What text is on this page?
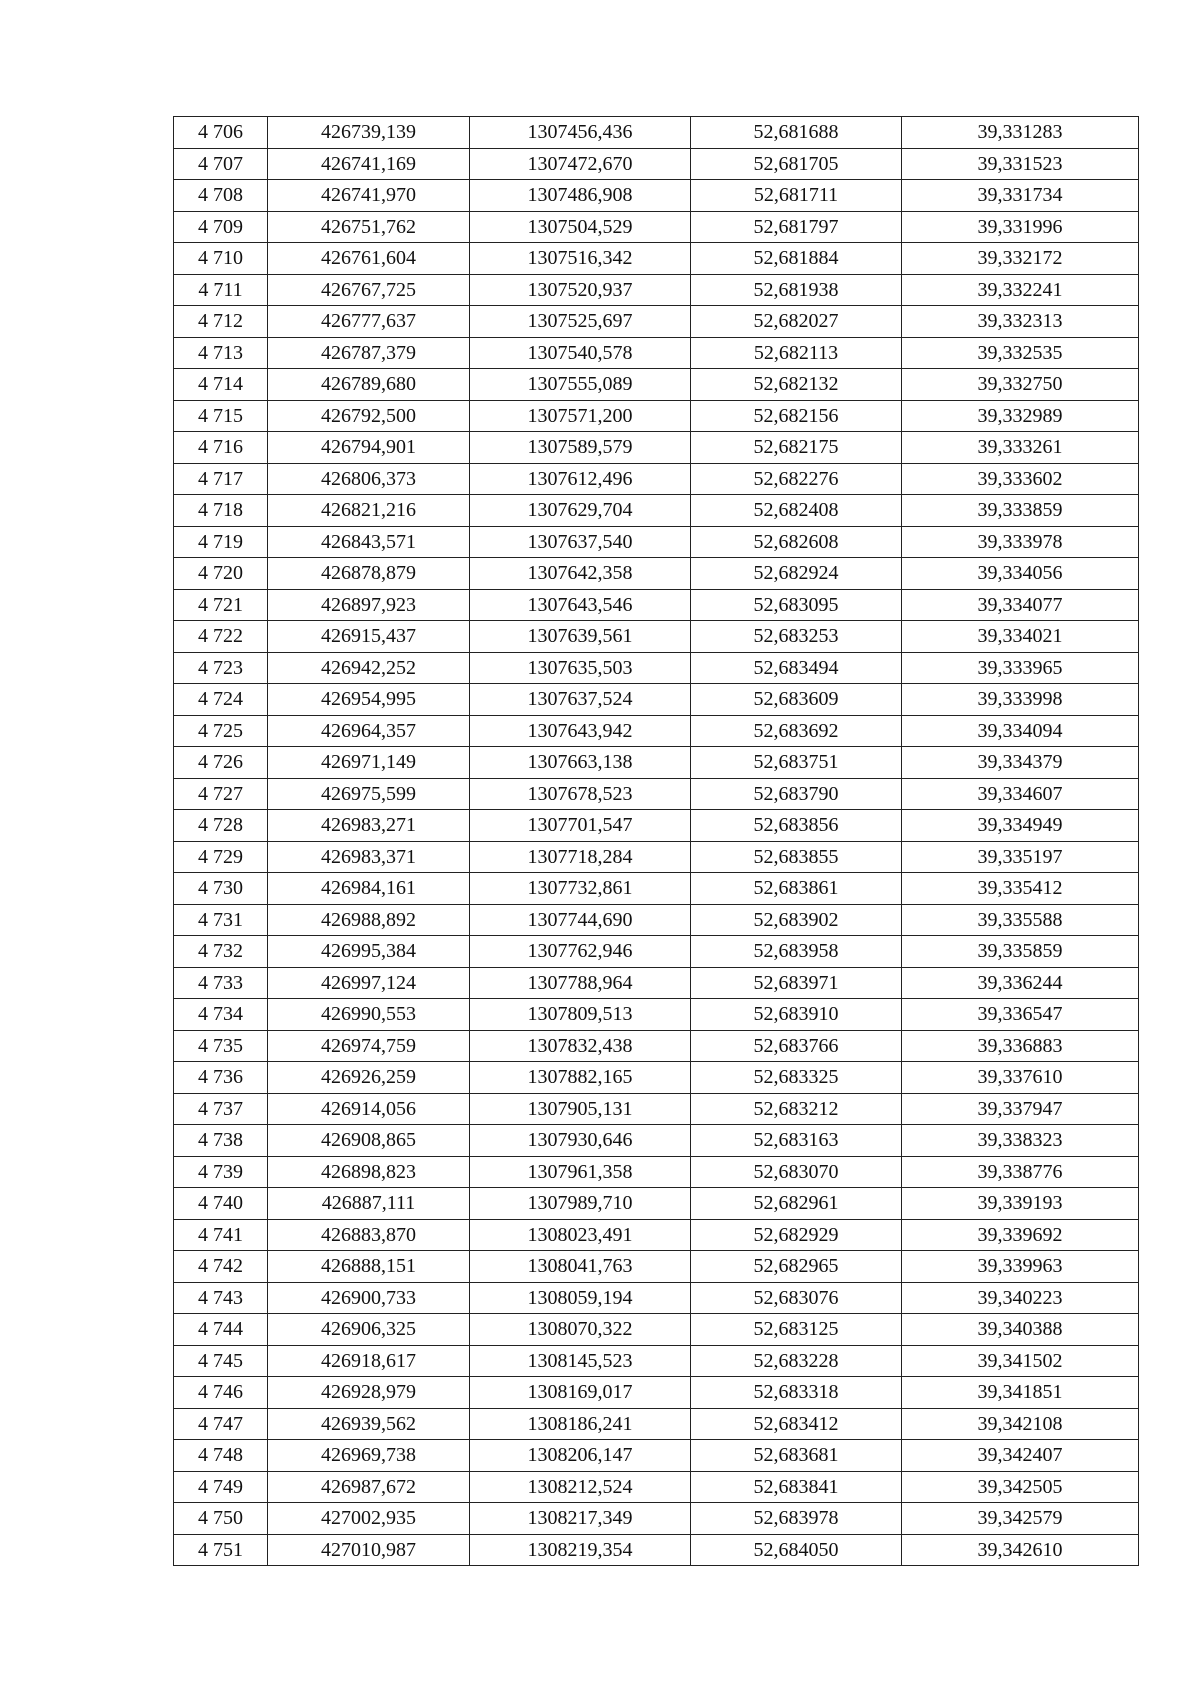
4 706	426739,139	1307456,436	52,681688	39,331283
4 707	426741,169	1307472,670	52,681705	39,331523
4 708	426741,970	1307486,908	52,681711	39,331734
4 709	426751,762	1307504,529	52,681797	39,331996
4 710	426761,604	1307516,342	52,681884	39,332172
4 711	426767,725	1307520,937	52,681938	39,332241
4 712	426777,637	1307525,697	52,682027	39,332313
4 713	426787,379	1307540,578	52,682113	39,332535
4 714	426789,680	1307555,089	52,682132	39,332750
4 715	426792,500	1307571,200	52,682156	39,332989
4 716	426794,901	1307589,579	52,682175	39,333261
4 717	426806,373	1307612,496	52,682276	39,333602
4 718	426821,216	1307629,704	52,682408	39,333859
4 719	426843,571	1307637,540	52,682608	39,333978
4 720	426878,879	1307642,358	52,682924	39,334056
4 721	426897,923	1307643,546	52,683095	39,334077
4 722	426915,437	1307639,561	52,683253	39,334021
4 723	426942,252	1307635,503	52,683494	39,333965
4 724	426954,995	1307637,524	52,683609	39,333998
4 725	426964,357	1307643,942	52,683692	39,334094
4 726	426971,149	1307663,138	52,683751	39,334379
4 727	426975,599	1307678,523	52,683790	39,334607
4 728	426983,271	1307701,547	52,683856	39,334949
4 729	426983,371	1307718,284	52,683855	39,335197
4 730	426984,161	1307732,861	52,683861	39,335412
4 731	426988,892	1307744,690	52,683902	39,335588
4 732	426995,384	1307762,946	52,683958	39,335859
4 733	426997,124	1307788,964	52,683971	39,336244
4 734	426990,553	1307809,513	52,683910	39,336547
4 735	426974,759	1307832,438	52,683766	39,336883
4 736	426926,259	1307882,165	52,683325	39,337610
4 737	426914,056	1307905,131	52,683212	39,337947
4 738	426908,865	1307930,646	52,683163	39,338323
4 739	426898,823	1307961,358	52,683070	39,338776
4 740	426887,111	1307989,710	52,682961	39,339193
4 741	426883,870	1308023,491	52,682929	39,339692
4 742	426888,151	1308041,763	52,682965	39,339963
4 743	426900,733	1308059,194	52,683076	39,340223
4 744	426906,325	1308070,322	52,683125	39,340388
4 745	426918,617	1308145,523	52,683228	39,341502
4 746	426928,979	1308169,017	52,683318	39,341851
4 747	426939,562	1308186,241	52,683412	39,342108
4 748	426969,738	1308206,147	52,683681	39,342407
4 749	426987,672	1308212,524	52,683841	39,342505
4 750	427002,935	1308217,349	52,683978	39,342579
4 751	427010,987	1308219,354	52,684050	39,342610
